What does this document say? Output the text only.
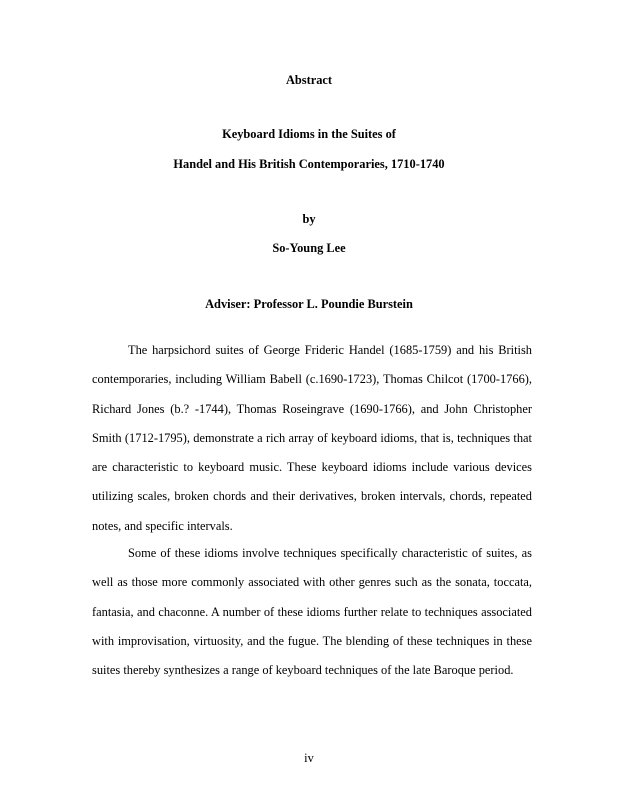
Abstract
Keyboard Idioms in the Suites of
Handel and His British Contemporaries, 1710-1740
by
So-Young Lee
Adviser: Professor L. Poundie Burstein

The harpsichord suites of George Frideric Handel (1685-1759) and his British contemporaries, including William Babell (c.1690-1723), Thomas Chilcot (1700-1766), Richard Jones (b.? -1744), Thomas Roseingrave (1690-1766), and John Christopher Smith (1712-1795), demonstrate a rich array of keyboard idioms, that is, techniques that are characteristic to keyboard music. These keyboard idioms include various devices utilizing scales, broken chords and their derivatives, broken intervals, chords, repeated notes, and specific intervals.

Some of these idioms involve techniques specifically characteristic of suites, as well as those more commonly associated with other genres such as the sonata, toccata, fantasia, and chaconne. A number of these idioms further relate to techniques associated with improvisation, virtuosity, and the fugue. The blending of these techniques in these suites thereby synthesizes a range of keyboard techniques of the late Baroque period.

iv
